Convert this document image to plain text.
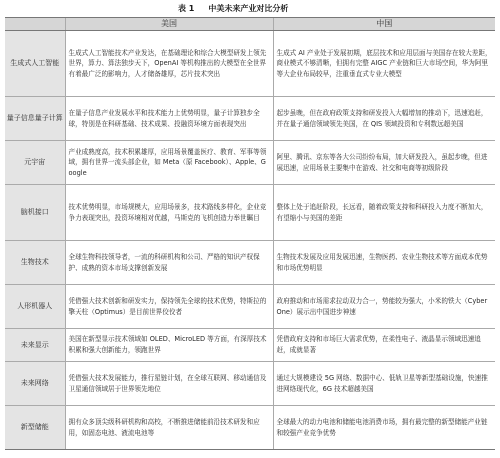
表 1 中美未来产业对比分析
	美国	中国
生成式人工智能	生成式人工智能技术产业发达，在基础理论和综合大模型研发上领先世界，算力、算法独步天下，OpenAI 等机构推出的大模型在全世界有着最广泛的影响力，人才储备雄厚，芯片技术突出	生成式 AI 产业处于发展初期，底层技术和应用层面与美国存在较大差距，商业模式不够清晰，但拥有完整 AIGC 产业链和巨大市场空间，华为阿里等大企业布局较早，注重垂直式专业大模型
量子信息量子计算	在量子信息产业发展水平和技术能力上优势明显，量子计算独步全球，特别是在科研基础、技术成果、投融资环境方面表现突出	起步虽晚，但在政府政策支持和研发投入大幅增加的推动下，迅速追赶，并在量子通信领域领先美国，在 QIS 领域投资和专利数远超美国
元宇宙	产业成熟度高，技术积累雄厚，应用场景覆盖医疗、教育、军事等领域，拥有世界一流头部企业，如 Meta（原 Facebook）、Apple、Google	阿里、腾讯、京东等各大公司纷纷布局，加大研发投入，虽起步晚，但进展迅速，应用场景主要集中在游戏、社交和电商等初级阶段
脑机接口	技术优势明显，市场规模大，应用场景多，技术路线多样化，企业竞争力表现突出，投资环境相对优越，马斯克的飞机创造力举世瞩目	整体上处于追赶阶段，长远看，随着政策支持和科研投入力度不断加大，有望缩小与美国的差距
生物技术	全球生物科技领导者，一流的科研机构和公司、严格的知识产权保护、成熟的资本市场支撑创新发展	生物技术发展及应用发展迅速，生物医药、农业生物技术等方面成本优势和市场优势明显
人形机器人	凭借强大技术创新和研发实力，保持领先全球的技术优势，特斯拉的擎天柱（Optimus）是目前世界佼佼者	政府推动和市场需求拉动双力合一，势能较为强大，小米的铁大（CyberOne）展示出中国进步神速
未来显示	美国在新型显示技术领域如 OLED、MicroLED 等方面，有深厚技术积累和强大创新能力，领跑世界	凭借政府支持和市场巨大需求优势，在柔性电子、液晶显示领域迅速追赶，成就显著
未来网络	凭借强大技术发展能力，推行星链计划，在全球互联网、移动通信及卫星通信领域居于世界领先地位	通过大规模建设 5G 网络、数据中心、低轨卫星等新型基础设施，快速推进网络现代化，6G 技术超越美国
新型储能	拥有众多顶尖级科研机构和高校，不断推进储能前沿技术研发和应用，如固态电池、液流电池等	全球最大的动力电池和储能电池消费市场，拥有最完整的新型储能产业链和较强产业竞争优势
